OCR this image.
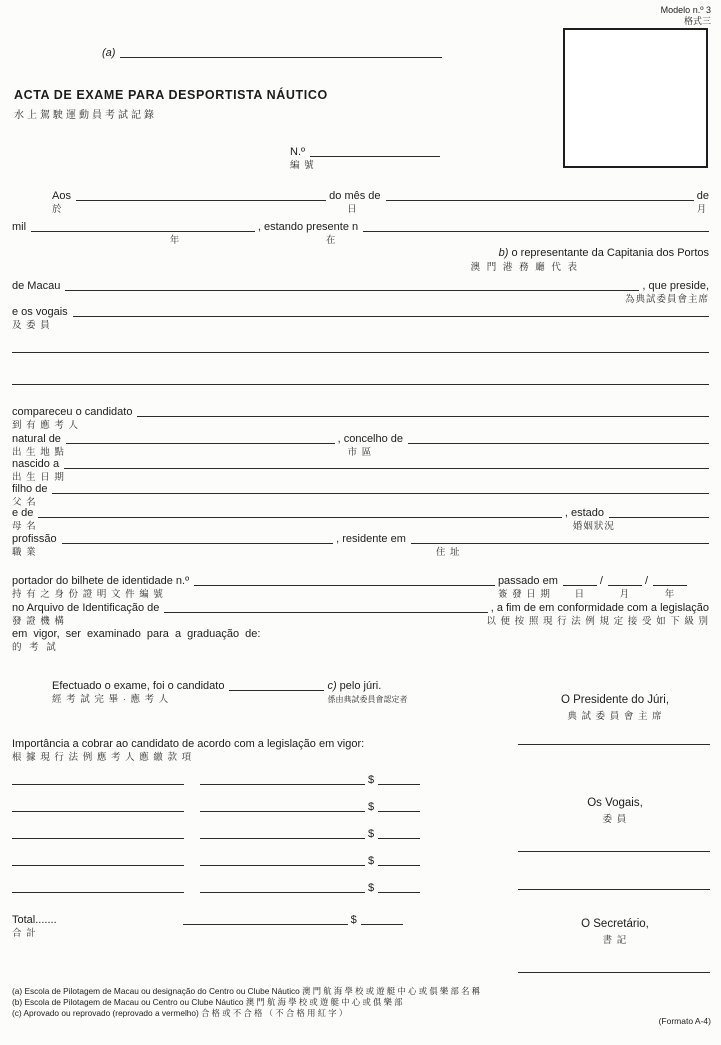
Modelo n.º 3
格式三
(a)
ACTA DE EXAME PARA DESPORTISTA NÁUTICO
水上駕駛運動員考試記錄
N.º
編 號
Aos
於
do mês de
日
de
月
mil
年
, estando presente n
在
b) o representante da Capitania dos Portos
澳 門 港 務 廳 代 表
de Macau	, que preside,
為典試委員會主席
e os vogais
及 委 員
compareceu o candidato
到 有 應 考 人
natural de
出 生 地 點
, concelho de
市 區
nascido a
出 生 日 期
filho de
父 名
e de
母 名
, estado
婚姻狀況
profissão
職 業
, residente em
住 址
portador do bilhete de identidade n.º
持 有 之 身 份 證 明 文 件 編 號
passado em
簽 發 日 期	日
/
月
/
年
no Arquivo de Identificação de
發 證 機 構
, a fim de em conformidade com a legislação
以 便 按 照 現 行 法 例 規 定 接 受 如 下 級 別
em vigor, ser examinado para a graduação de:
的 考 試
Efectuado o exame, foi o candidato
經 考 試 完 畢 · 應 考 人
c) pelo júri.
係由典試委員會認定者
Importância a cobrar ao candidato de acordo com a legislação em vigor:
根 據 現 行 法 例 應 考 人 應 繳 款 項
$
$
$
$
$
Total.......
合 計
$
O Presidente do Júri,
典 試 委 員 會 主 席
Os Vogais,
委 員
O Secretário,
書 記
(a) Escola de Pilotagem de Macau ou designação do Centro ou Clube Náutico 澳 門 航 海 學 校 或 遊 艇 中 心 或 俱 樂 部 名 稱
(b) Escola de Pilotagem de Macau ou Centro ou Clube Náutico 澳 門 航 海 學 校 或 遊 艇 中 心 或 俱 樂 部
(c) Aprovado ou reprovado (reprovado a vermelho) 合 格 或 不 合 格 （ 不 合 格 用 紅 字 ）
(Formato A-4)
